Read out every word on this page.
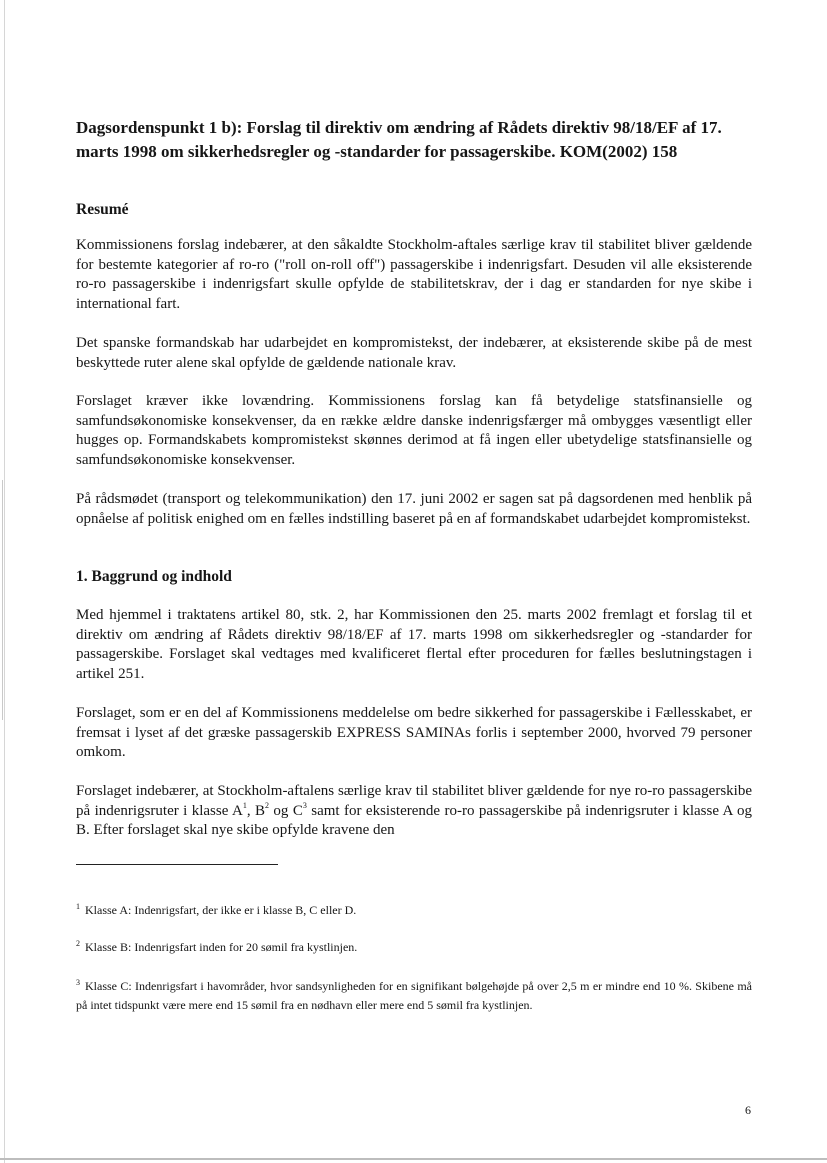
Dagsordenspunkt 1 b): Forslag til direktiv om ændring af Rådets direktiv 98/18/EF af 17. marts 1998 om sikkerhedsregler og -standarder for passagerskibe. KOM(2002) 158
Resumé

Kommissionens forslag indebærer, at den såkaldte Stockholm-aftales særlige krav til stabilitet bliver gældende for bestemte kategorier af ro-ro ("roll on-roll off") passagerskibe i indenrigsfart. Desuden vil alle eksisterende ro-ro passagerskibe i indenrigsfart skulle opfylde de stabilitetskrav, der i dag er standarden for nye skibe i international fart.

Det spanske formandskab har udarbejdet en kompromistekst, der indebærer, at eksisterende skibe på de mest beskyttede ruter alene skal opfylde de gældende nationale krav.

Forslaget kræver ikke lovændring. Kommissionens forslag kan få betydelige statsfinansielle og samfundsøkonomiske konsekvenser, da en række ældre danske indenrigsfærger må ombygges væsentligt eller hugges op. Formandskabets kompromistekst skønnes derimod at få ingen eller ubetydelige statsfinansielle og samfundsøkonomiske konsekvenser.

På rådsmødet (transport og telekommunikation) den 17. juni 2002 er sagen sat på dagsordenen med henblik på opnåelse af politisk enighed om en fælles indstilling baseret på en af formandskabet udarbejdet kompromistekst.

1. Baggrund og indhold

Med hjemmel i traktatens artikel 80, stk. 2, har Kommissionen den 25. marts 2002 fremlagt et forslag til et direktiv om ændring af Rådets direktiv 98/18/EF af 17. marts 1998 om sikkerhedsregler og -standarder for passagerskibe. Forslaget skal vedtages med kvalificeret flertal efter proceduren for fælles beslutningstagen i artikel 251.

Forslaget, som er en del af Kommissionens meddelelse om bedre sikkerhed for passagerskibe i Fællesskabet, er fremsat i lyset af det græske passagerskib EXPRESS SAMINAs forlis i september 2000, hvorved 79 personer omkom.

Forslaget indebærer, at Stockholm-aftalens særlige krav til stabilitet bliver gældende for nye ro-ro passagerskibe på indenrigsruter i klasse $A^1$, $B^2$ og $C^3$ samt for eksisterende ro-ro passagerskibe på indenrigsruter i klasse A og B. Efter forslaget skal nye skibe opfylde kravene den

$^1$ Klasse A: Indenrigsfart, der ikke er i klasse B, C eller D.

$^2$ Klasse B: Indenrigsfart inden for 20 sømil fra kystlinjen.

$^3$ Klasse C: Indenrigsfart i havområder, hvor sandsynligheden for en signifikant bølgehøjde på over 2,5 m er mindre end 10 %. Skibene må på intet tidspunkt være mere end 15 sømil fra en nødhavn eller mere end 5 sømil fra kystlinjen.

6
